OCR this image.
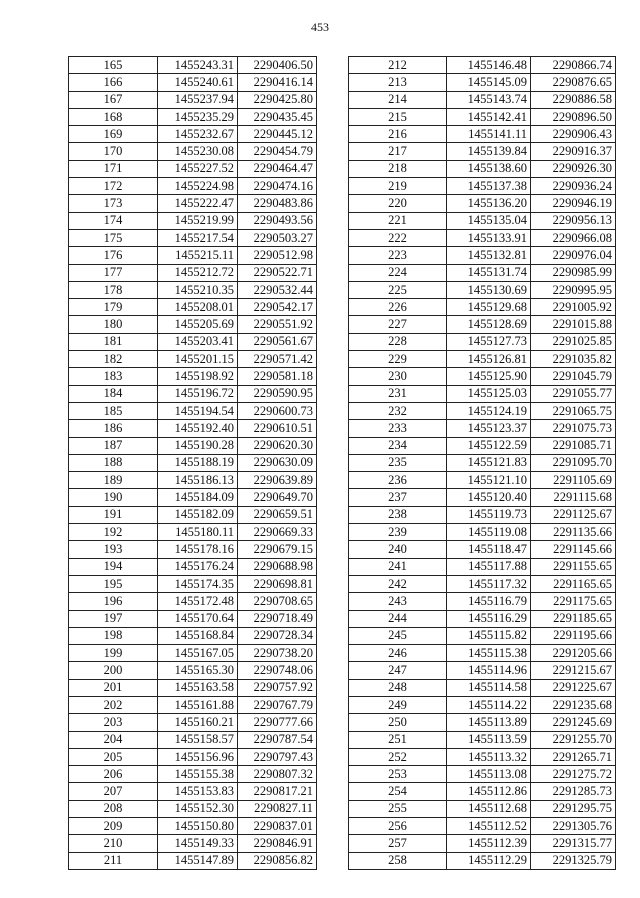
453
165	1455243.31	2290406.50
166	1455240.61	2290416.14
167	1455237.94	2290425.80
168	1455235.29	2290435.45
169	1455232.67	2290445.12
170	1455230.08	2290454.79
171	1455227.52	2290464.47
172	1455224.98	2290474.16
173	1455222.47	2290483.86
174	1455219.99	2290493.56
175	1455217.54	2290503.27
176	1455215.11	2290512.98
177	1455212.72	2290522.71
178	1455210.35	2290532.44
179	1455208.01	2290542.17
180	1455205.69	2290551.92
181	1455203.41	2290561.67
182	1455201.15	2290571.42
183	1455198.92	2290581.18
184	1455196.72	2290590.95
185	1455194.54	2290600.73
186	1455192.40	2290610.51
187	1455190.28	2290620.30
188	1455188.19	2290630.09
189	1455186.13	2290639.89
190	1455184.09	2290649.70
191	1455182.09	2290659.51
192	1455180.11	2290669.33
193	1455178.16	2290679.15
194	1455176.24	2290688.98
195	1455174.35	2290698.81
196	1455172.48	2290708.65
197	1455170.64	2290718.49
198	1455168.84	2290728.34
199	1455167.05	2290738.20
200	1455165.30	2290748.06
201	1455163.58	2290757.92
202	1455161.88	2290767.79
203	1455160.21	2290777.66
204	1455158.57	2290787.54
205	1455156.96	2290797.43
206	1455155.38	2290807.32
207	1455153.83	2290817.21
208	1455152.30	2290827.11
209	1455150.80	2290837.01
210	1455149.33	2290846.91
211	1455147.89	2290856.82
212	1455146.48	2290866.74
213	1455145.09	2290876.65
214	1455143.74	2290886.58
215	1455142.41	2290896.50
216	1455141.11	2290906.43
217	1455139.84	2290916.37
218	1455138.60	2290926.30
219	1455137.38	2290936.24
220	1455136.20	2290946.19
221	1455135.04	2290956.13
222	1455133.91	2290966.08
223	1455132.81	2290976.04
224	1455131.74	2290985.99
225	1455130.69	2290995.95
226	1455129.68	2291005.92
227	1455128.69	2291015.88
228	1455127.73	2291025.85
229	1455126.81	2291035.82
230	1455125.90	2291045.79
231	1455125.03	2291055.77
232	1455124.19	2291065.75
233	1455123.37	2291075.73
234	1455122.59	2291085.71
235	1455121.83	2291095.70
236	1455121.10	2291105.69
237	1455120.40	2291115.68
238	1455119.73	2291125.67
239	1455119.08	2291135.66
240	1455118.47	2291145.66
241	1455117.88	2291155.65
242	1455117.32	2291165.65
243	1455116.79	2291175.65
244	1455116.29	2291185.65
245	1455115.82	2291195.66
246	1455115.38	2291205.66
247	1455114.96	2291215.67
248	1455114.58	2291225.67
249	1455114.22	2291235.68
250	1455113.89	2291245.69
251	1455113.59	2291255.70
252	1455113.32	2291265.71
253	1455113.08	2291275.72
254	1455112.86	2291285.73
255	1455112.68	2291295.75
256	1455112.52	2291305.76
257	1455112.39	2291315.77
258	1455112.29	2291325.79
